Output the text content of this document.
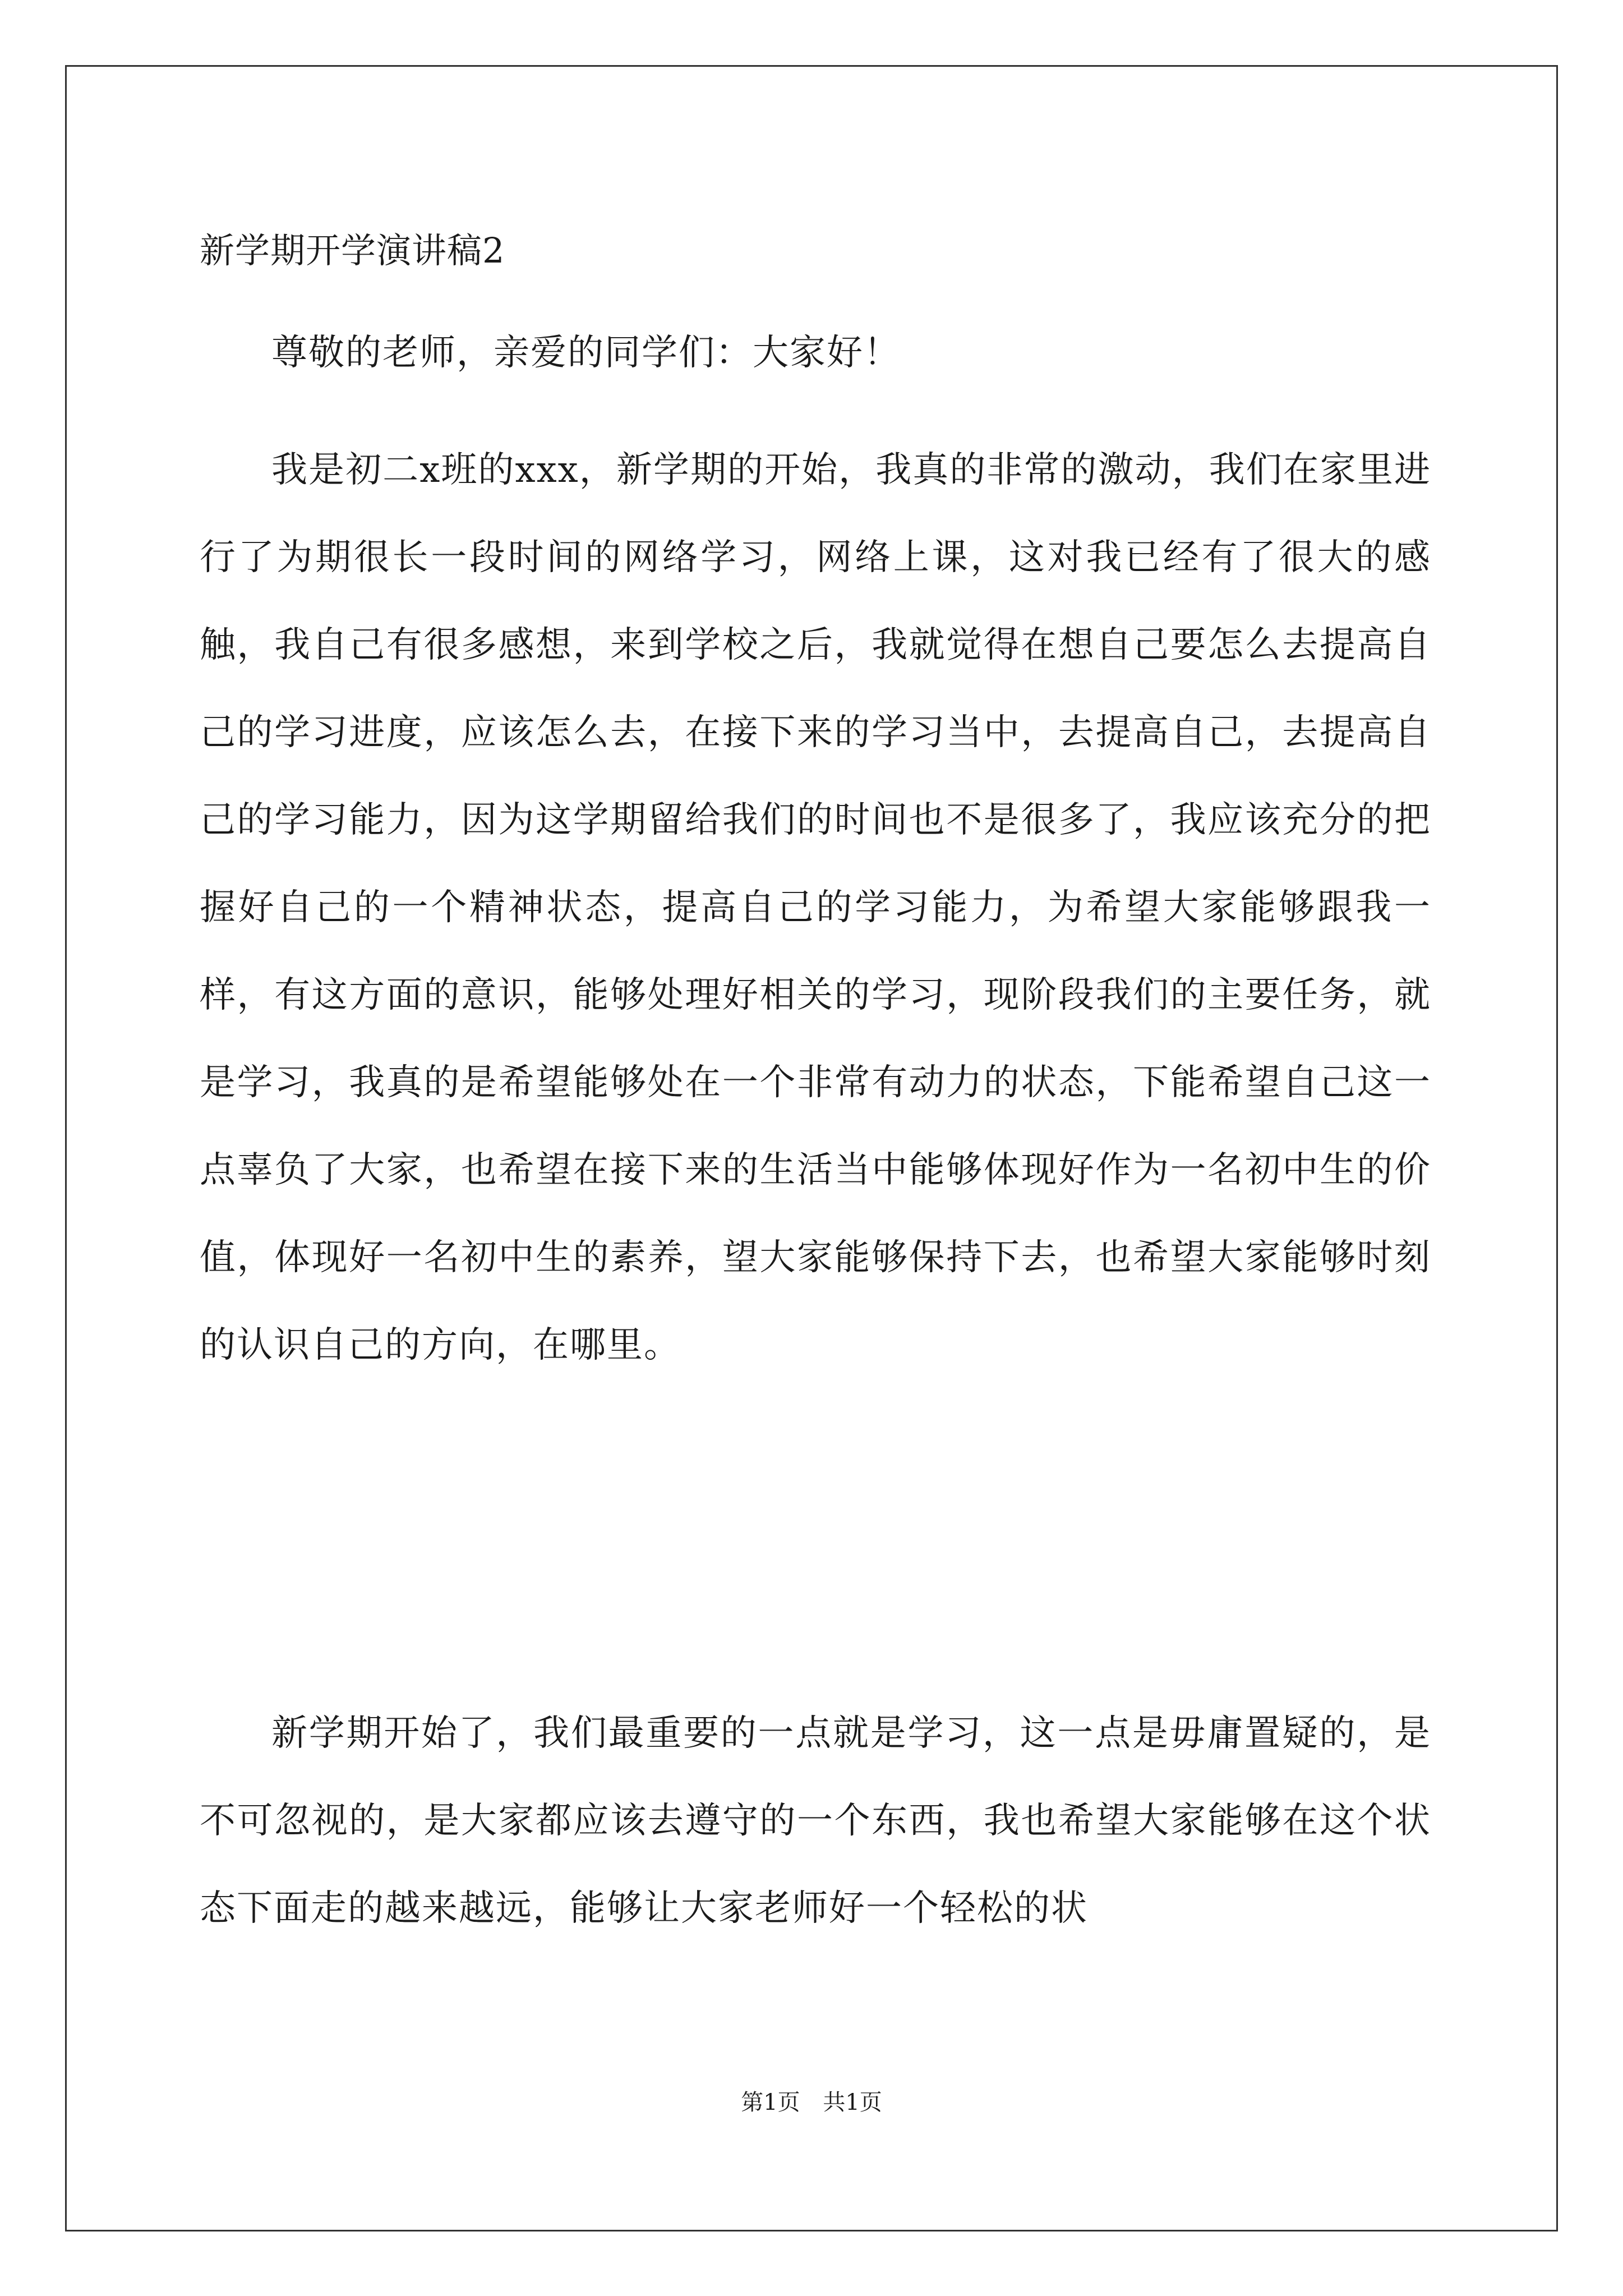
新学期开学演讲稿2
尊敬的老师，亲爱的同学们：大家好！

我是初二x班的xxx，新学期的开始，我真的非常的激动，我们在家里进行了为期很长一段时间的网络学习，网络上课，这对我已经有了很大的感触，我自己有很多感想，来到学校之后，我就觉得在想自己要怎么去提高自己的学习进度，应该怎么去，在接下来的学习当中，去提高自己，去提高自己的学习能力，因为这学期留给我们的时间也不是很多了，我应该充分的把握好自己的一个精神状态，提高自己的学习能力，为希望大家能够跟我一样，有这方面的意识，能够处理好相关的学习，现阶段我们的主要任务，就是学习，我真的是希望能够处在一个非常有动力的状态，下能希望自己这一点辜负了大家，也希望在接下来的生活当中能够体现好作为一名初中生的价值，体现好一名初中生的素养，望大家能够保持下去，也希望大家能够时刻的认识自己的方向，在哪里。

新学期开始了，我们最重要的一点就是学习，这一点是毋庸置疑的，是不可忽视的，是大家都应该去遵守的一个东西，我也希望大家能够在这个状态下面走的越来越远，能够让大家老师好一个轻松的状

第1页 共1页
